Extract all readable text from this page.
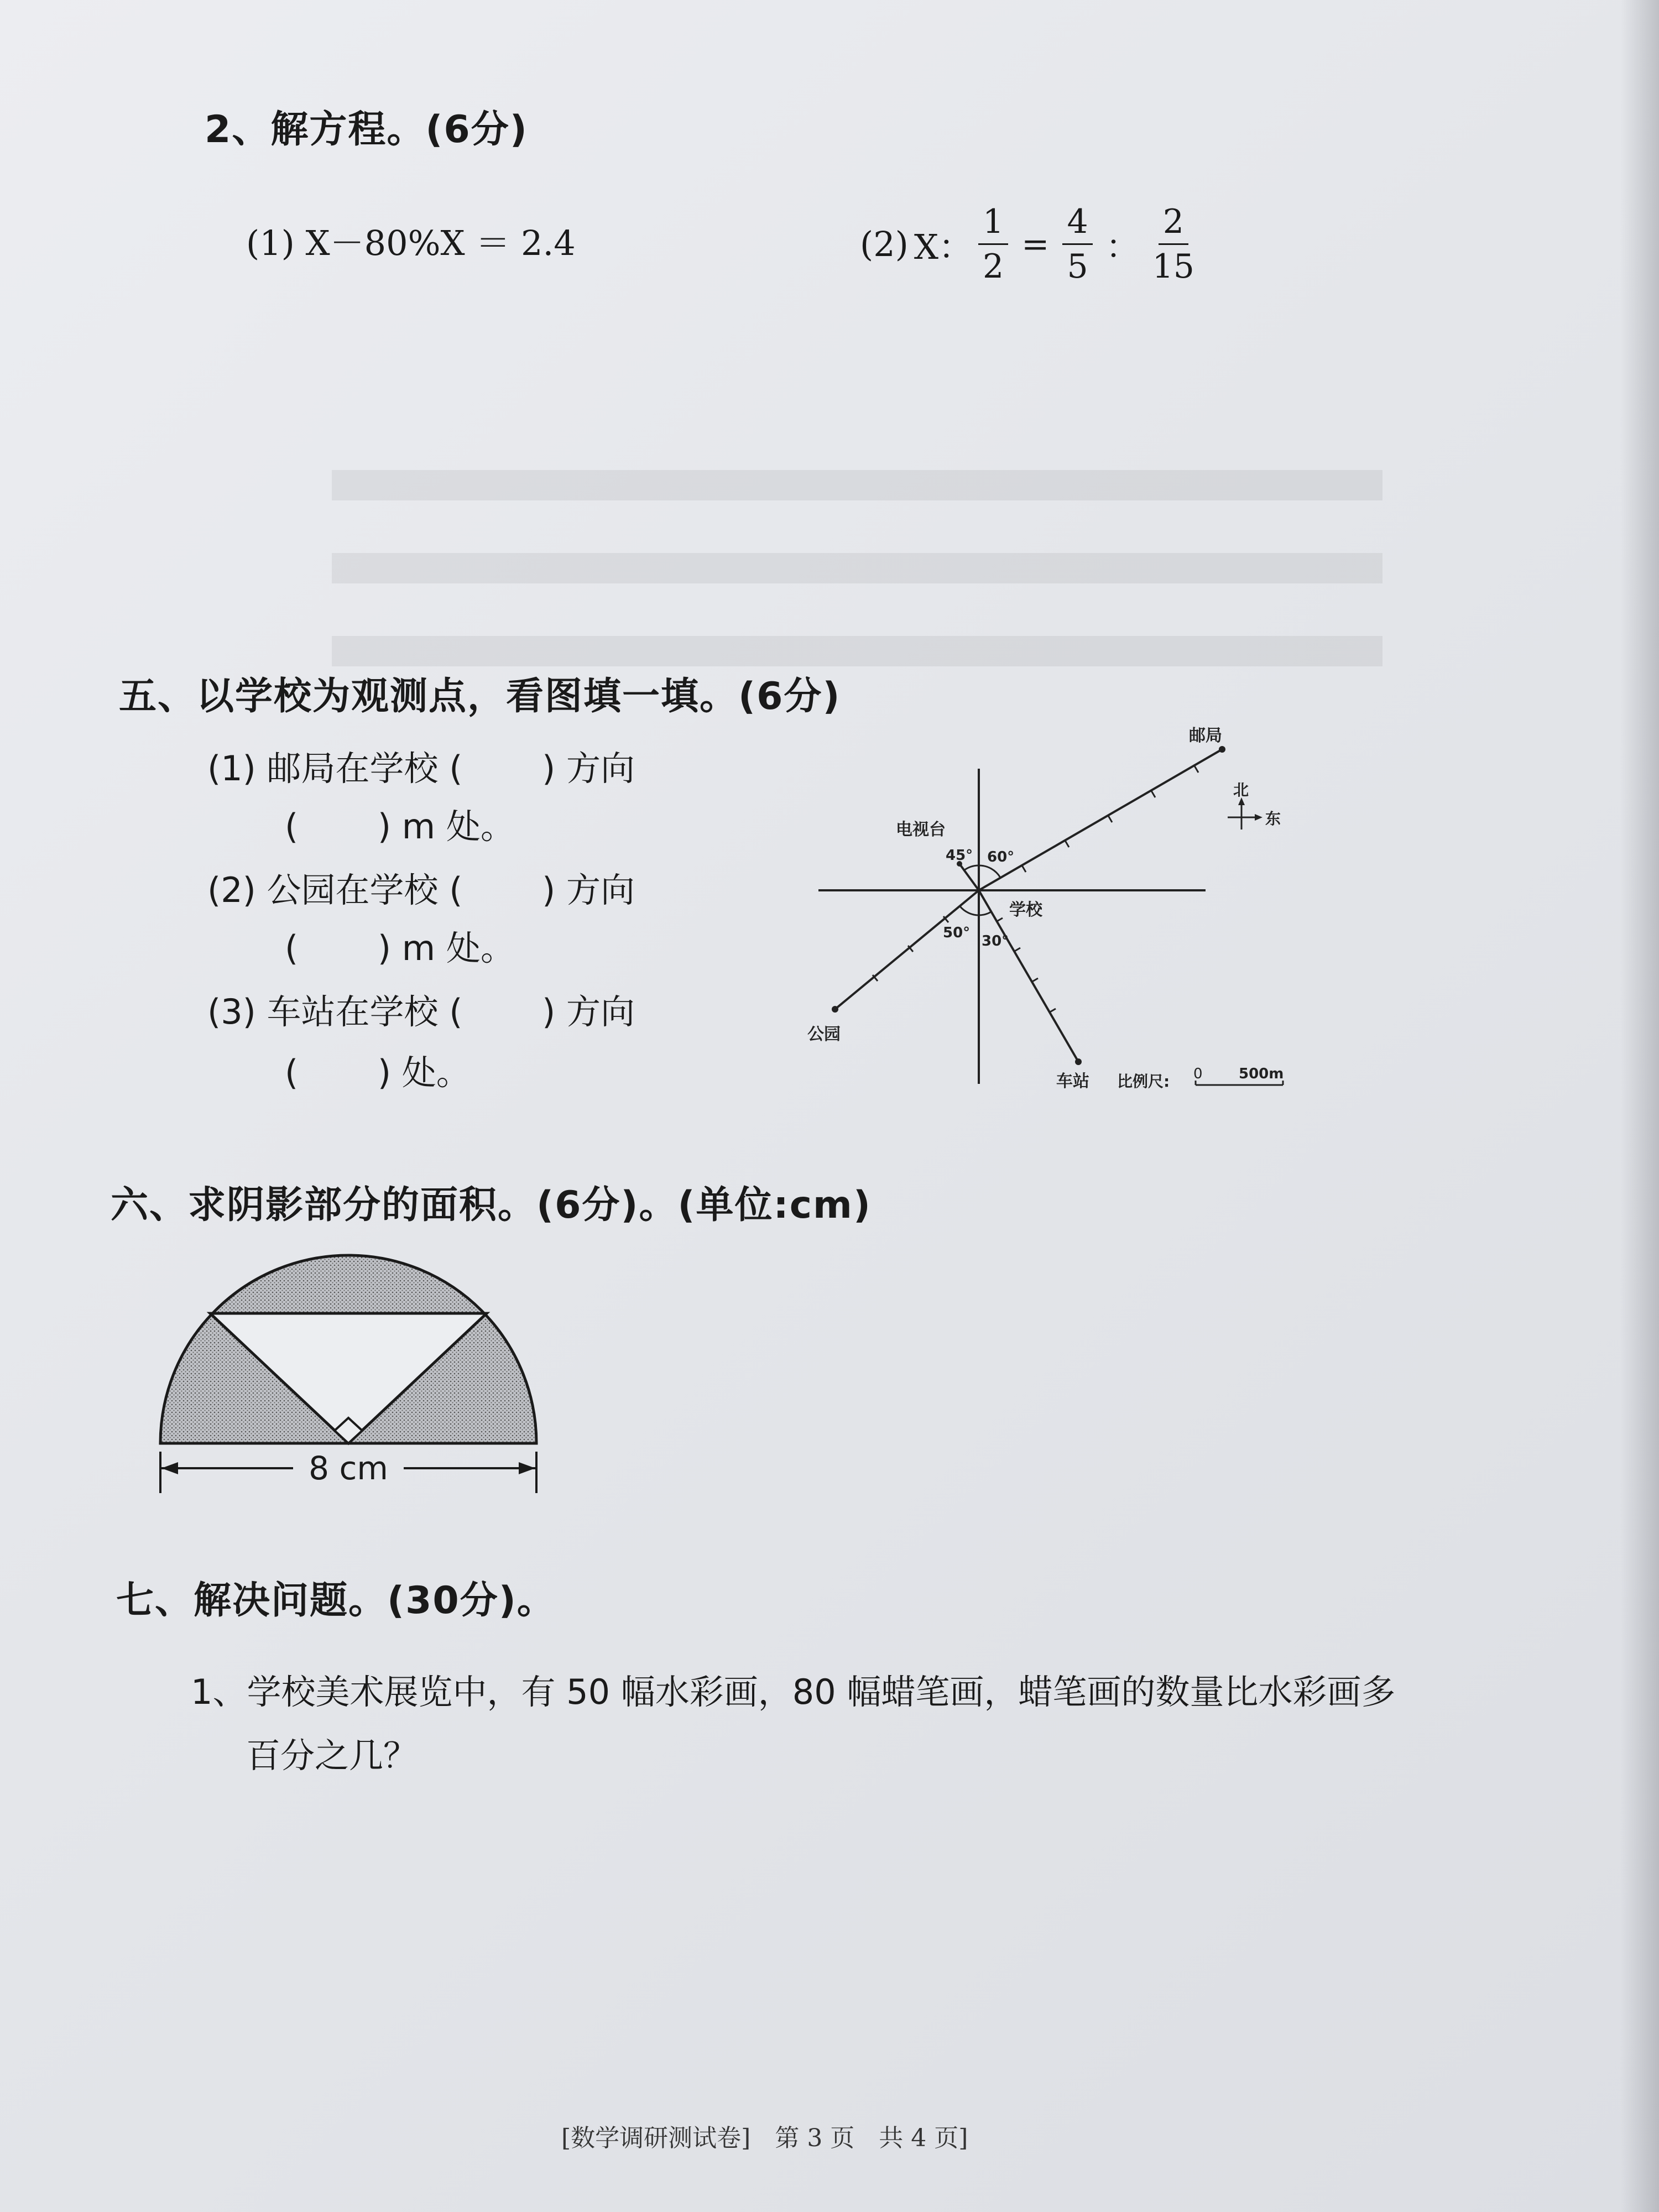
2、解方程。(6分)
(1) X－80%X ＝ 2.4	(2) X： $\frac{1}{2} = \frac{4}{5}$ ： $\frac{2}{15}$
五、以学校为观测点，看图填一填。(6分)
(1) 邮局在学校 (　　 ) 方向
(　　 ) m 处。
(2) 公园在学校 (　　 ) 方向
(　　 ) m 处。
(3) 车站在学校 (　　 ) 方向
(　　 ) 处。
邮局
电视台
学校
公园
车站
45° 60°
50° 30°
北
东
比例尺: 0	500m
六、求阴影部分的面积。(6分)。(单位:cm)
8 cm
七、解决问题。(30分)。
1、学校美术展览中，有 50 幅水彩画，80 幅蜡笔画，蜡笔画的数量比水彩画多
百分之几？
[数学调研测试卷]　第 3 页　共 4 页]
